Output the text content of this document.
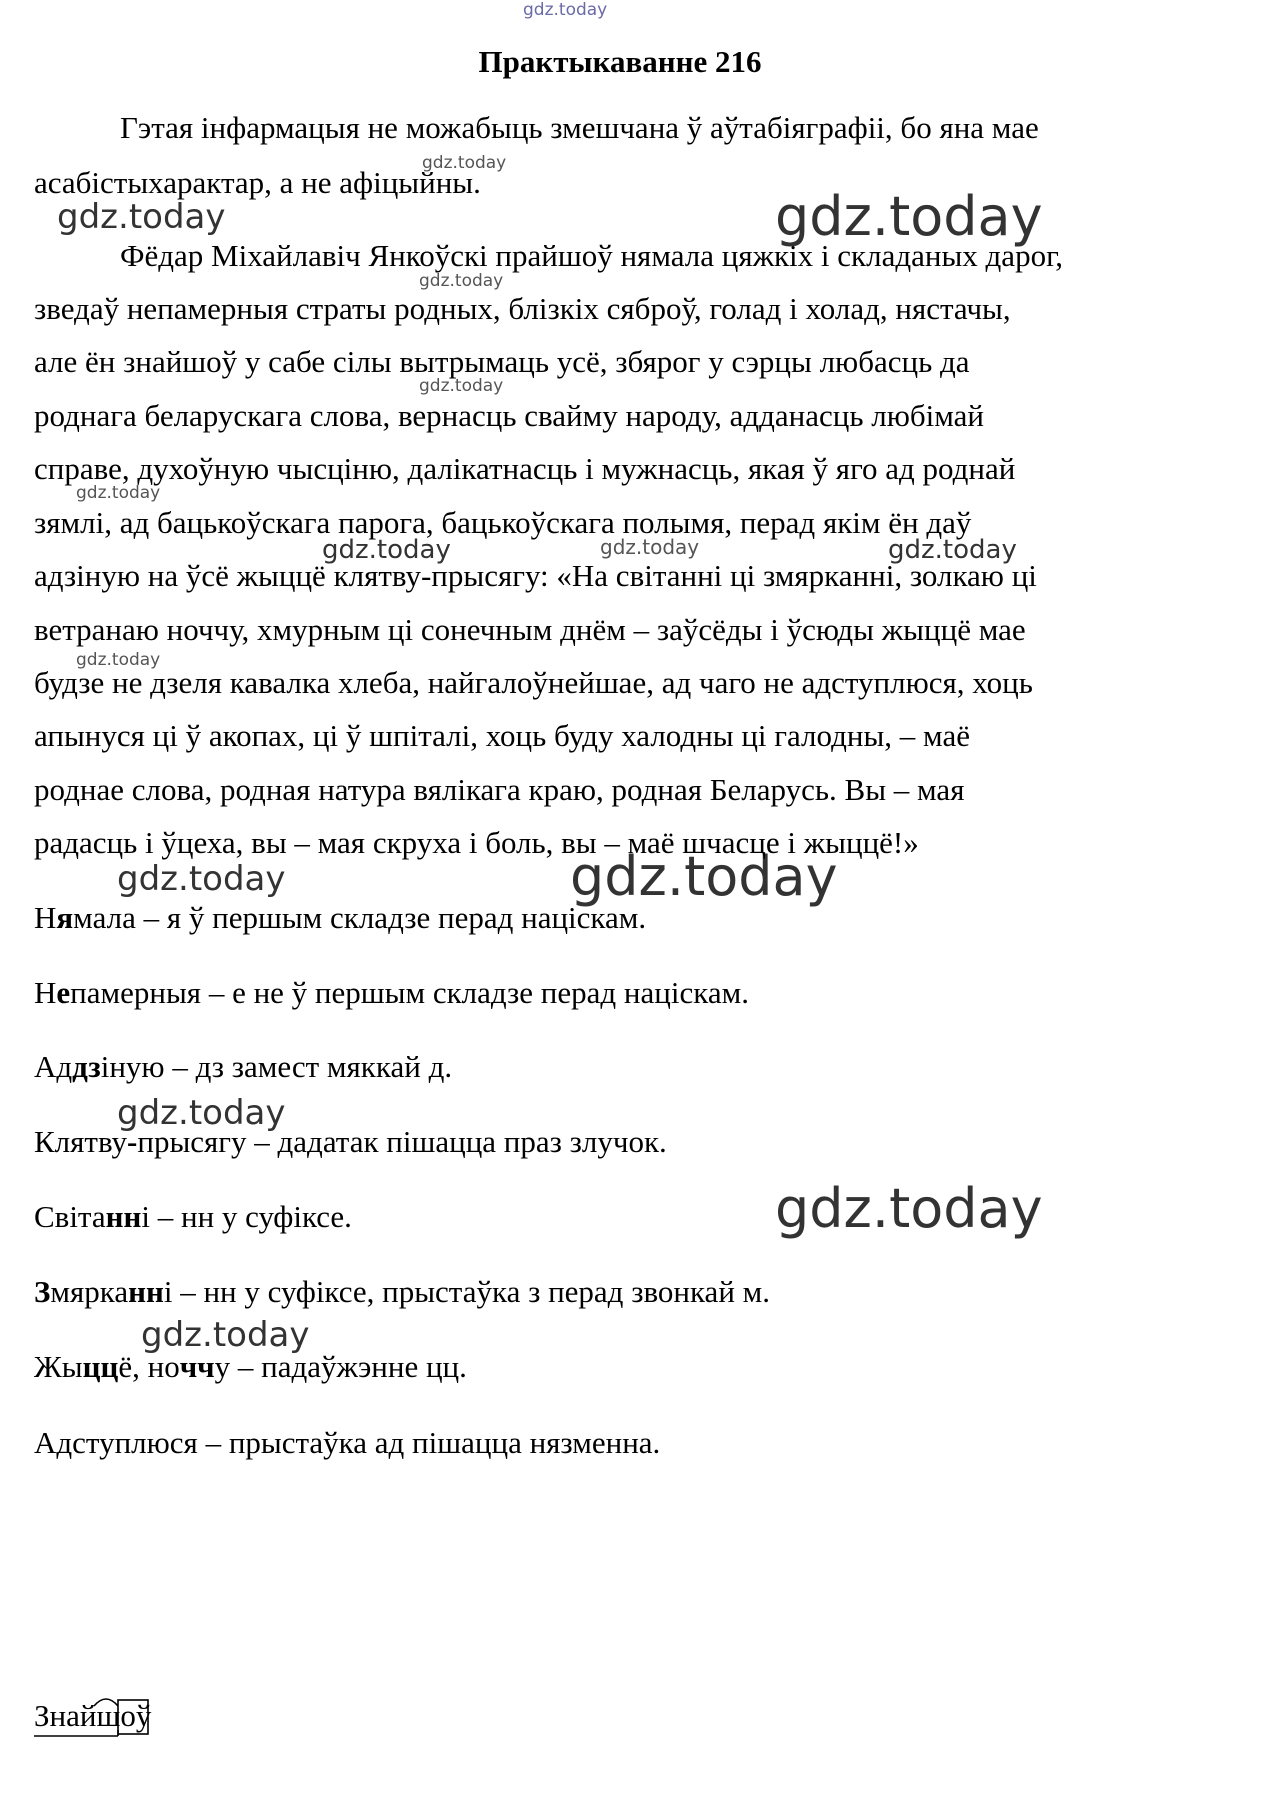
gdz.today
gdz.today
gdz.today	gdz.today
gdz.today
gdz.today
gdz.today
gdz.today	gdz.today	gdz.today
gdz.today
gdz.today	gdz.today
gdz.today
gdz.today
gdz.today
Практыкаванне 216

Гэтая інфармацыя не можабыць змешчана ў аўтабіяграфіі, бо яна мае

асабістыхарактар, а не афіцыйны.

Фёдар Міхайлавіч Янкоўскі прайшоў нямала цяжкіх і складаных дарог,

зведаў непамерныя страты родных, блізкіх сяброў, голад і холад, нястачы,

але ён знайшоў у сабе сілы вытрымаць усё, збярог у сэрцы любасць да

роднага беларускага слова, вернасць свайму народу, адданасць любімай

справе, духоўную чысціню, далікатнасць і мужнасць, якая ў яго ад роднай

зямлі, ад бацькоўскага парога, бацькоўскага полымя, перад якім ён даў

адзіную на ўсё жыццё клятву-прысягу: «На світанні ці змярканні, золкаю ці

ветранаю ноччу, хмурным ці сонечным днём – заўсёды і ўсюды жыццё мае

будзе не дзеля кавалка хлеба, найгалоўнейшае, ад чаго не адступлюся, хоць

апынуся ці ў акопах, ці ў шпіталі, хоць буду халодны ці галодны, – маё

роднае слова, родная натура вялікага краю, родная Беларусь. Вы – мая

радасць і ўцеха, вы – мая скруха і боль, вы – маё шчасце і жыццё!»

Нямала – я ў першым складзе перад націскам.

Непамерныя – е не ў першым складзе перад націскам.

Аддзіную – дз замест мяккай д.

Клятву-прысягу – дадатак пішацца праз злучок.

Світанні – нн у суфіксе.

Змярканні – нн у суфіксе, прыстаўка з перад звонкай м.

Жыццё, ноччу – падаўжэнне цц.

Адступлюся – прыстаўка ад пішацца нязменна.

Знайшоў
